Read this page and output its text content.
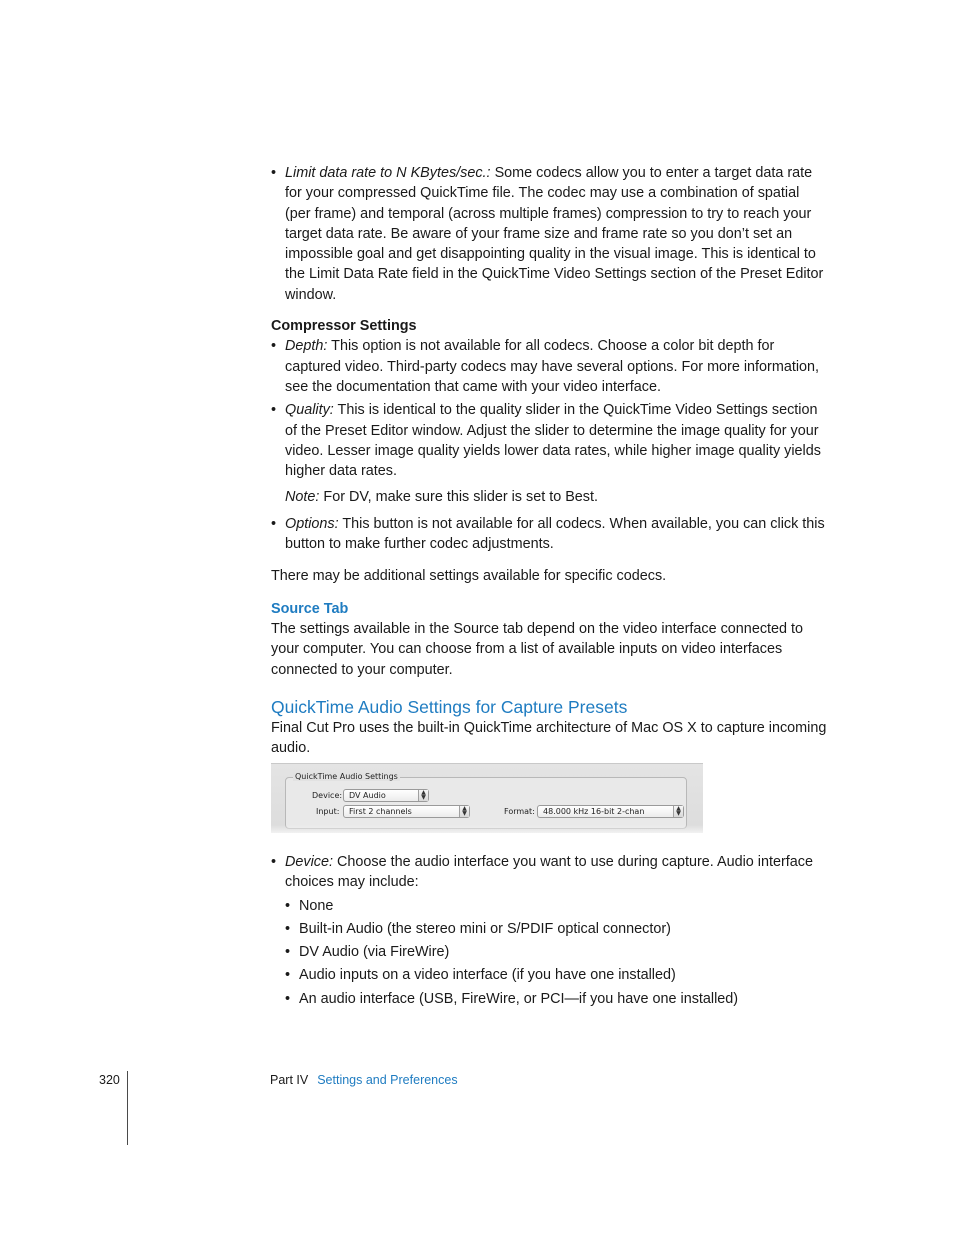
• Limit data rate to N KBytes/sec.: Some codecs allow you to enter a target data rate for your compressed QuickTime file. The codec may use a combination of spatial (per frame) and temporal (across multiple frames) compression to try to reach your target data rate. Be aware of your frame size and frame rate so you don’t set an impossible goal and get disappointing quality in the visual image. This is identical to the Limit Data Rate field in the QuickTime Video Settings section of the Preset Editor window.

Compressor Settings

• Depth: This option is not available for all codecs. Choose a color bit depth for captured video. Third-party codecs may have several options. For more information, see the documentation that came with your video interface.
• Quality: This is identical to the quality slider in the QuickTime Video Settings section of the Preset Editor window. Adjust the slider to determine the image quality for your video. Lesser image quality yields lower data rates, while higher image quality yields higher data rates.

Note: For DV, make sure this slider is set to Best.

• Options: This button is not available for all codecs. When available, you can click this button to make further codec adjustments.

There may be additional settings available for specific codecs.

Source Tab

The settings available in the Source tab depend on the video interface connected to your computer. You can choose from a list of available inputs on video interfaces connected to your computer.

QuickTime Audio Settings for Capture Presets

Final Cut Pro uses the built-in QuickTime architecture of Mac OS X to capture incoming audio.

QuickTime Audio Settings
Device: DV Audio	▲
▼
Input:	First 2 channels	▲
▼	Format:	48.000 kHz 16-bit 2-chan	▲
▼
• Device: Choose the audio interface you want to use during capture. Audio interface choices may include:
• None
• Built-in Audio (the stereo mini or S/PDIF optical connector)
• DV Audio (via FireWire)
• Audio inputs on a video interface (if you have one installed)
• An audio interface (USB, FireWire, or PCI—if you have one installed)
320	Part IV Settings and Preferences
